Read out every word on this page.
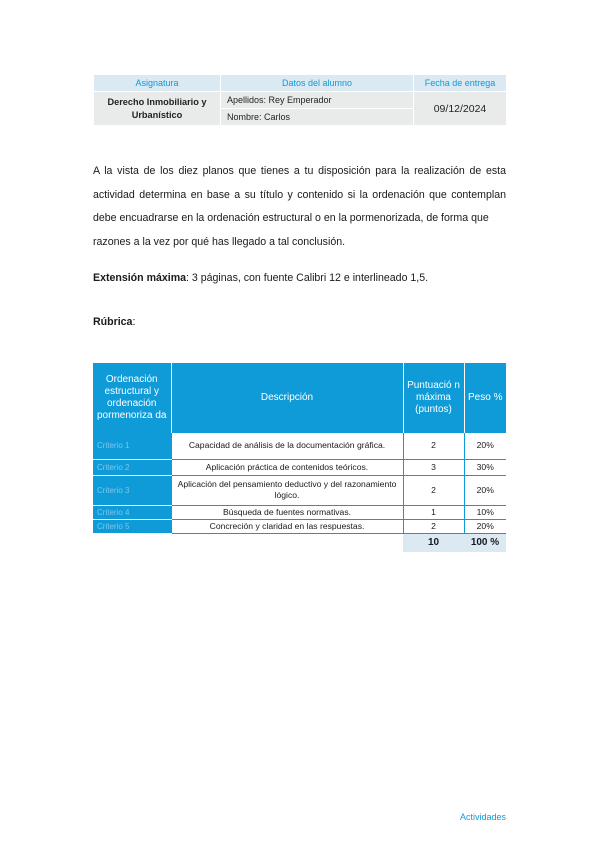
Asignatura	Datos del alumno	Fecha de entrega
Derecho Inmobiliario y Urbanístico	Apellidos: Rey Emperador	09/12/2024
	Nombre: Carlos	

A la vista de los diez planos que tienes a tu disposición para la realización de esta actividad determina en base a su título y contenido si la ordenación que contemplan debe encuadrarse en la ordenación estructural o en la pormenorizada, de forma que
razones a la vez por qué has llegado a tal conclusión.

Extensión máxima: 3 páginas, con fuente Calibri 12 e interlineado 1,5.

Rúbrica:

Ordenación estructural y ordenación pormenoriza da	Descripción	Puntuació n máxima (puntos)	Peso %
Criterio 1	Capacidad de análisis de la documentación gráfica.	2	20%
Criterio 2	Aplicación práctica de contenidos teóricos.	3	30%
Criterio 3	Aplicación del pensamiento deductivo y del razonamiento lógico.	2	20%
Criterio 4	Búsqueda de fuentes normativas.	1	10%
Criterio 5	Concreción y claridad en las respuestas.	2	20%
		10	100 %
Actividades
